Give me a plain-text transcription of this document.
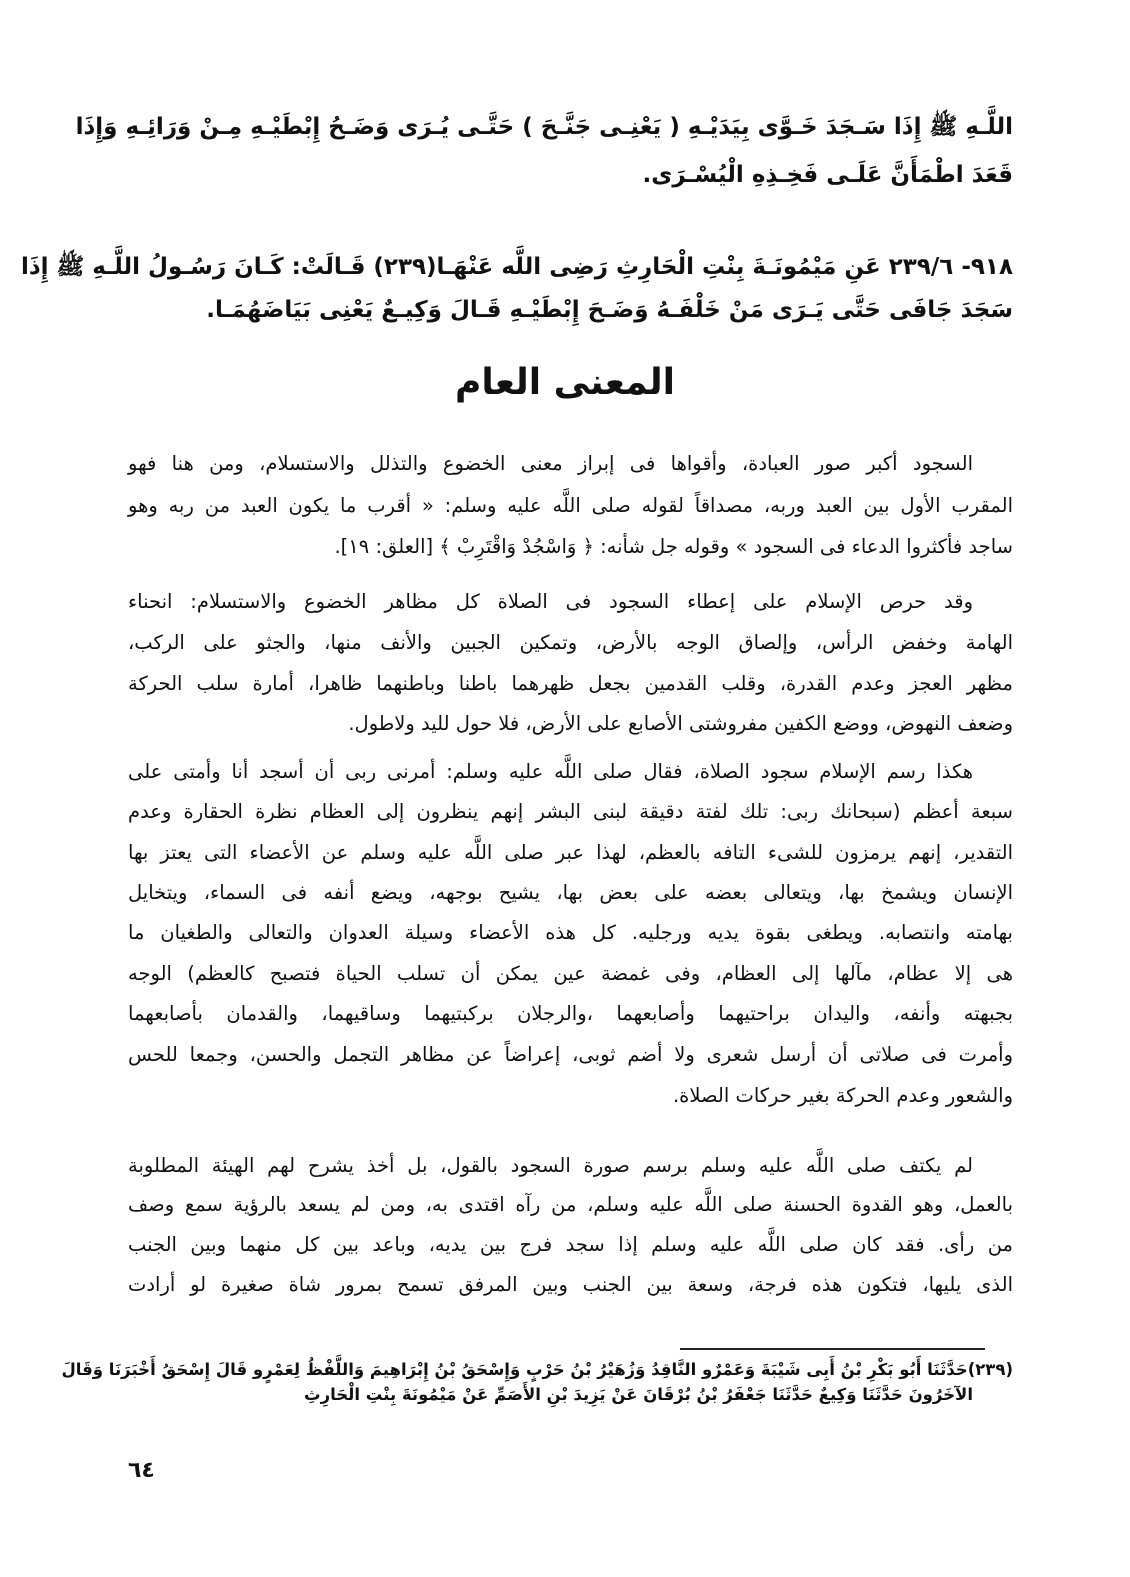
اللَّـهِ ﷺ إِذَا سَـجَدَ خَـوَّى بِيَدَيْـهِ ( يَعْنِـى جَنَّـحَ ) حَتَّـى يُـرَى وَضَـحُ إِبْطَيْـهِ مِـنْ وَرَائِـهِ وَإِذَا
قَعَدَ اطْمَأَنَّ عَلَـى فَخِـذِهِ الْيُسْـرَى.
٩١٨- ٢٣٩/٦ عَنِ مَيْمُونَـةَ بِنْتِ الْحَارِثِ رَضِى اللَّه عَنْهَـا(٢٣٩) قَـالَتْ: كَـانَ رَسُـولُ اللَّـهِ ﷺ إِذَا
سَجَدَ جَافَى حَتَّى يَـرَى مَنْ خَلْفَـهُ وَضَـحَ إِبْطَيْـهِ قَـالَ وَكِيـعٌ يَعْنِى بَيَاضَهُمَـا.
المعنى العام
السجود أكبر صور العبادة، وأقواها فى إبراز معنى الخضوع والتذلل والاستسلام، ومن هنا فهو
المقرب الأول بين العبد وربه، مصداقاً لقوله صلى اللَّه عليه وسلم: « أقرب ما يكون العبد من ربه وهو
ساجد فأكثروا الدعاء فى السجود » وقوله جل شأنه: ﴿ وَاسْجُدْ وَاقْتَرِبْ ﴾ [العلق: ١٩].
وقد حرص الإسلام على إعطاء السجود فى الصلاة كل مظاهر الخضوع والاستسلام: انحناء
الهامة وخفض الرأس، وإلصاق الوجه بالأرض، وتمكين الجبين والأنف منها، والجثو على الركب،
مظهر العجز وعدم القدرة، وقلب القدمين بجعل ظهرهما باطنا وباطنهما ظاهرا، أمارة سلب الحركة
وضعف النهوض، ووضع الكفين مفروشتى الأصابع على الأرض، فلا حول لليد ولاطول.
هكذا رسم الإسلام سجود الصلاة، فقال صلى اللَّه عليه وسلم: أمرنى ربى أن أسجد أنا وأمتى على
سبعة أعظم (سبحانك ربى: تلك لفتة دقيقة لبنى البشر إنهم ينظرون إلى العظام نظرة الحقارة وعدم
التقدير، إنهم يرمزون للشىء التافه بالعظم، لهذا عبر صلى اللَّه عليه وسلم عن الأعضاء التى يعتز بها
الإنسان ويشمخ بها، ويتعالى بعضه على بعض بها، يشيح بوجهه، ويضع أنفه فى السماء، ويتخايل
بهامته وانتصابه. ويطغى بقوة يديه ورجليه. كل هذه الأعضاء وسيلة العدوان والتعالى والطغيان ما
هى إلا عظام، مآلها إلى العظام، وفى غمضة عين يمكن أن تسلب الحياة فتصبح كالعظم) الوجه
بجبهته وأنفه، واليدان براحتيهما وأصابعهما ،والرجلان بركبتيهما وساقيهما، والقدمان بأصابعهما
وأمرت فى صلاتى أن أرسل شعرى ولا أضم ثوبى، إعراضاً عن مظاهر التجمل والحسن، وجمعا للحس
والشعور وعدم الحركة بغير حركات الصلاة.
لم يكتف صلى اللَّه عليه وسلم برسم صورة السجود بالقول، بل أخذ يشرح لهم الهيئة المطلوبة
بالعمل، وهو القدوة الحسنة صلى اللَّه عليه وسلم، من رآه اقتدى به، ومن لم يسعد بالرؤية سمع وصف
من رأى. فقد كان صلى اللَّه عليه وسلم إذا سجد فرج بين يديه، وباعد بين كل منهما وبين الجنب
الذى يليها، فتكون هذه فرجة، وسعة بين الجنب وبين المرفق تسمح بمرور شاة صغيرة لو أرادت
(٢٣٩)حَدَّثَنَا أَبُو بَكْرِ بْنُ أَبِى شَيْبَةَ وَعَمْرٌو النَّاقِدُ وَزُهَيْرُ بْنُ حَرْبٍ وَإِسْحَقُ بْنُ إِبْرَاهِيمَ وَاللَّفْظُ لِعَمْرٍو قَالَ إِسْحَقُ أَخْبَرَنَا وَقَالَ
الآخَرُونَ حَدَّثَنَا وَكِيعٌ حَدَّثَنَا جَعْفَرُ بْنُ بُرْقَانَ عَنْ يَزِيدَ بْنِ الأَصَمِّ عَنْ مَيْمُونَةَ بِنْتِ الْحَارِثِ
٦٤
